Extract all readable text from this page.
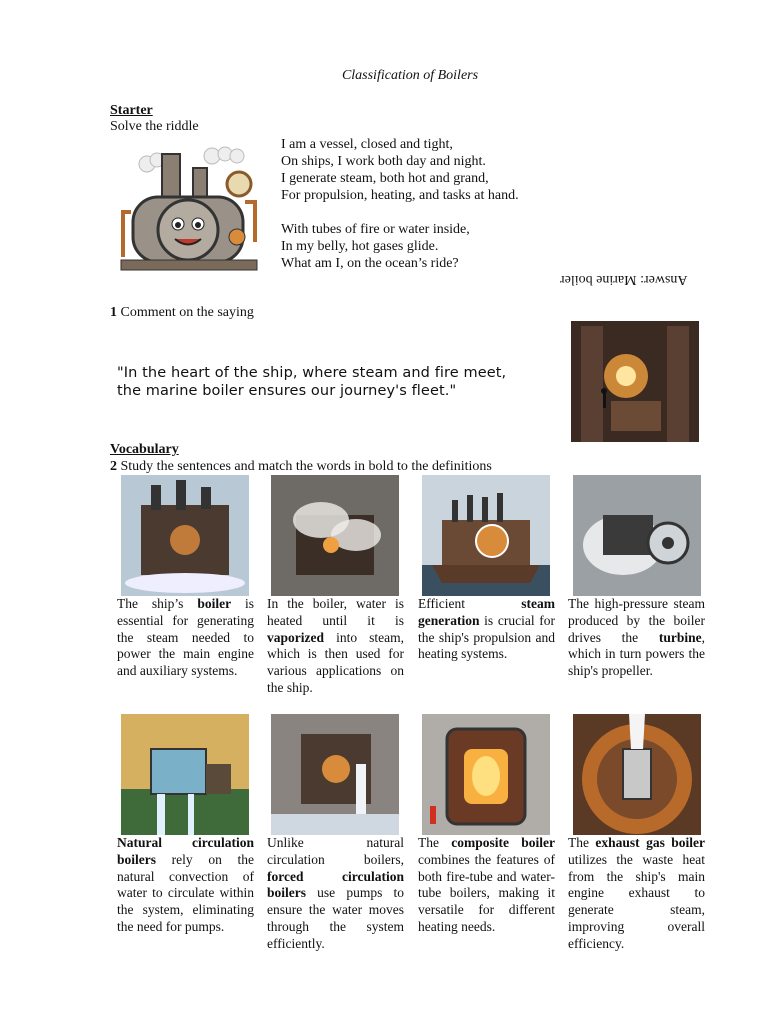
Classification of Boilers
Starter
Solve the riddle
I am a vessel, closed and tight,
On ships, I work both day and night.
I generate steam, both hot and grand,
For propulsion, heating, and tasks at hand.
With tubes of fire or water inside,
In my belly, hot gases glide.
What am I, on the ocean’s ride?
Answer: Marine boiler
1 Comment on the saying
"In the heart of the ship, where steam and fire meet,
the marine boiler ensures our journey's fleet."
Vocabulary
2 Study the sentences and match the words in bold to the definitions
The ship’s boiler is essential for generating the steam needed to power the main engine and auxiliary systems.
In the boiler, water is heated until it is vaporized into steam, which is then used for various applications on the ship.
Efficient steam generation is crucial for the ship's propulsion and heating systems.
The high-pressure steam produced by the boiler drives the turbine, which in turn powers the ship's propeller.
Natural circulation boilers rely on the natural convection of water to circulate within the system, eliminating the need for pumps.
Unlike natural circulation boilers, forced circulation boilers use pumps to ensure the water moves through the system efficiently.
The composite boiler combines the features of both fire-tube and water-tube boilers, making it versatile for different heating needs.
The exhaust gas boiler utilizes the waste heat from the ship's main engine exhaust to generate steam, improving overall efficiency.
